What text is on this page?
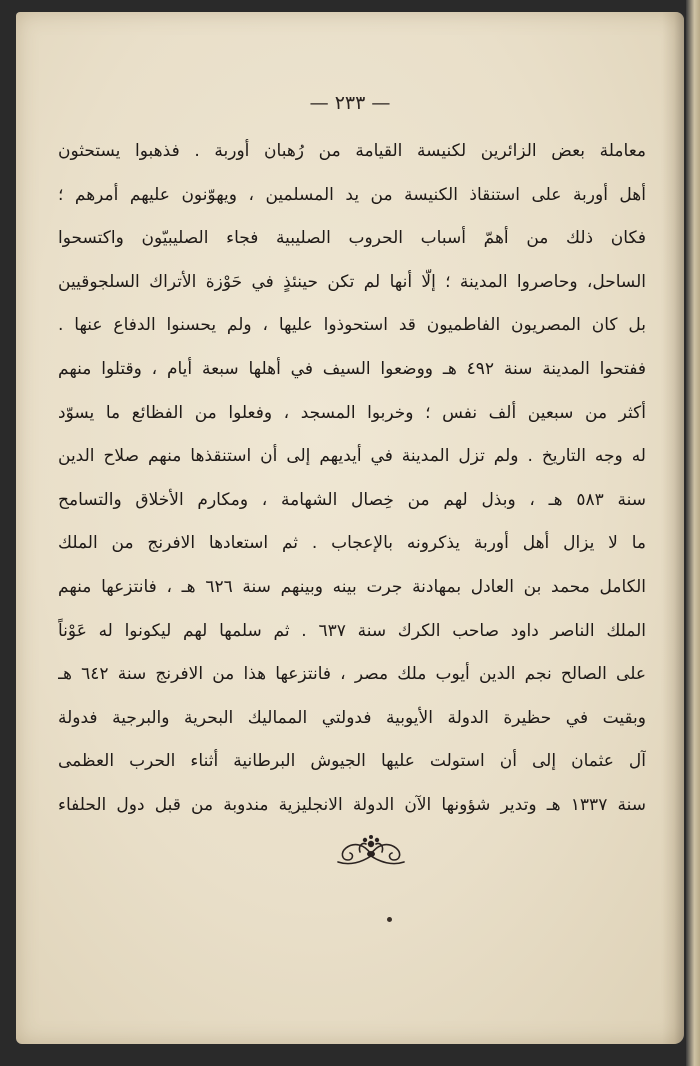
— ٢٣٣ —
معاملة بعض الزائرين لكنيسة القيامة من رُهبان أوربة . فذهبوا يستحثون
أهل أوربة على استنقاذ الكنيسة من يد المسلمين ، ويهوّنون عليهم أمرهم ؛
فكان ذلك من أهمّ أسباب الحروب الصليبية فجاء الصليبيّون واكتسحوا
الساحل، وحاصروا المدينة ؛ إلّا أنها لم تكن حينئذٍ في حَوْزة الأتراك السلجوقيين
بل كان المصريون الفاطميون قد استحوذوا عليها ، ولم يحسنوا الدفاع عنها .
ففتحوا المدينة سنة ٤٩٢ هـ ووضعوا السيف في أهلها سبعة أيام ، وقتلوا منهم
أكثر من سبعين ألف نفس ؛ وخربوا المسجد ، وفعلوا من الفظائع ما يسوّد
له وجه التاريخ . ولم تزل المدينة في أيديهم إلى أن استنقذها منهم صلاح الدين
سنة ٥٨٣ هـ ، وبذل لهم من خِصال الشهامة ، ومكارم الأخلاق والتسامح
ما لا يزال أهل أوربة يذكرونه بالإعجاب . ثم استعادها الافرنج من الملك
الكامل محمد بن العادل بمهادنة جرت بينه وبينهم سنة ٦٢٦ هـ ، فانتزعها منهم
الملك الناصر داود صاحب الكرك سنة ٦٣٧ . ثم سلمها لهم ليكونوا له عَوْناً
على الصالح نجم الدين أيوب ملك مصر ، فانتزعها هذا من الافرنج سنة ٦٤٢ هـ
وبقيت في حظيرة الدولة الأيوبية فدولتي المماليك البحرية والبرجية فدولة
آل عثمان إلى أن استولت عليها الجيوش البرطانية أثناء الحرب العظمى
سنة ١٣٣٧ هـ وتدير شؤونها الآن الدولة الانجليزية مندوبة من قبل دول الحلفاء
